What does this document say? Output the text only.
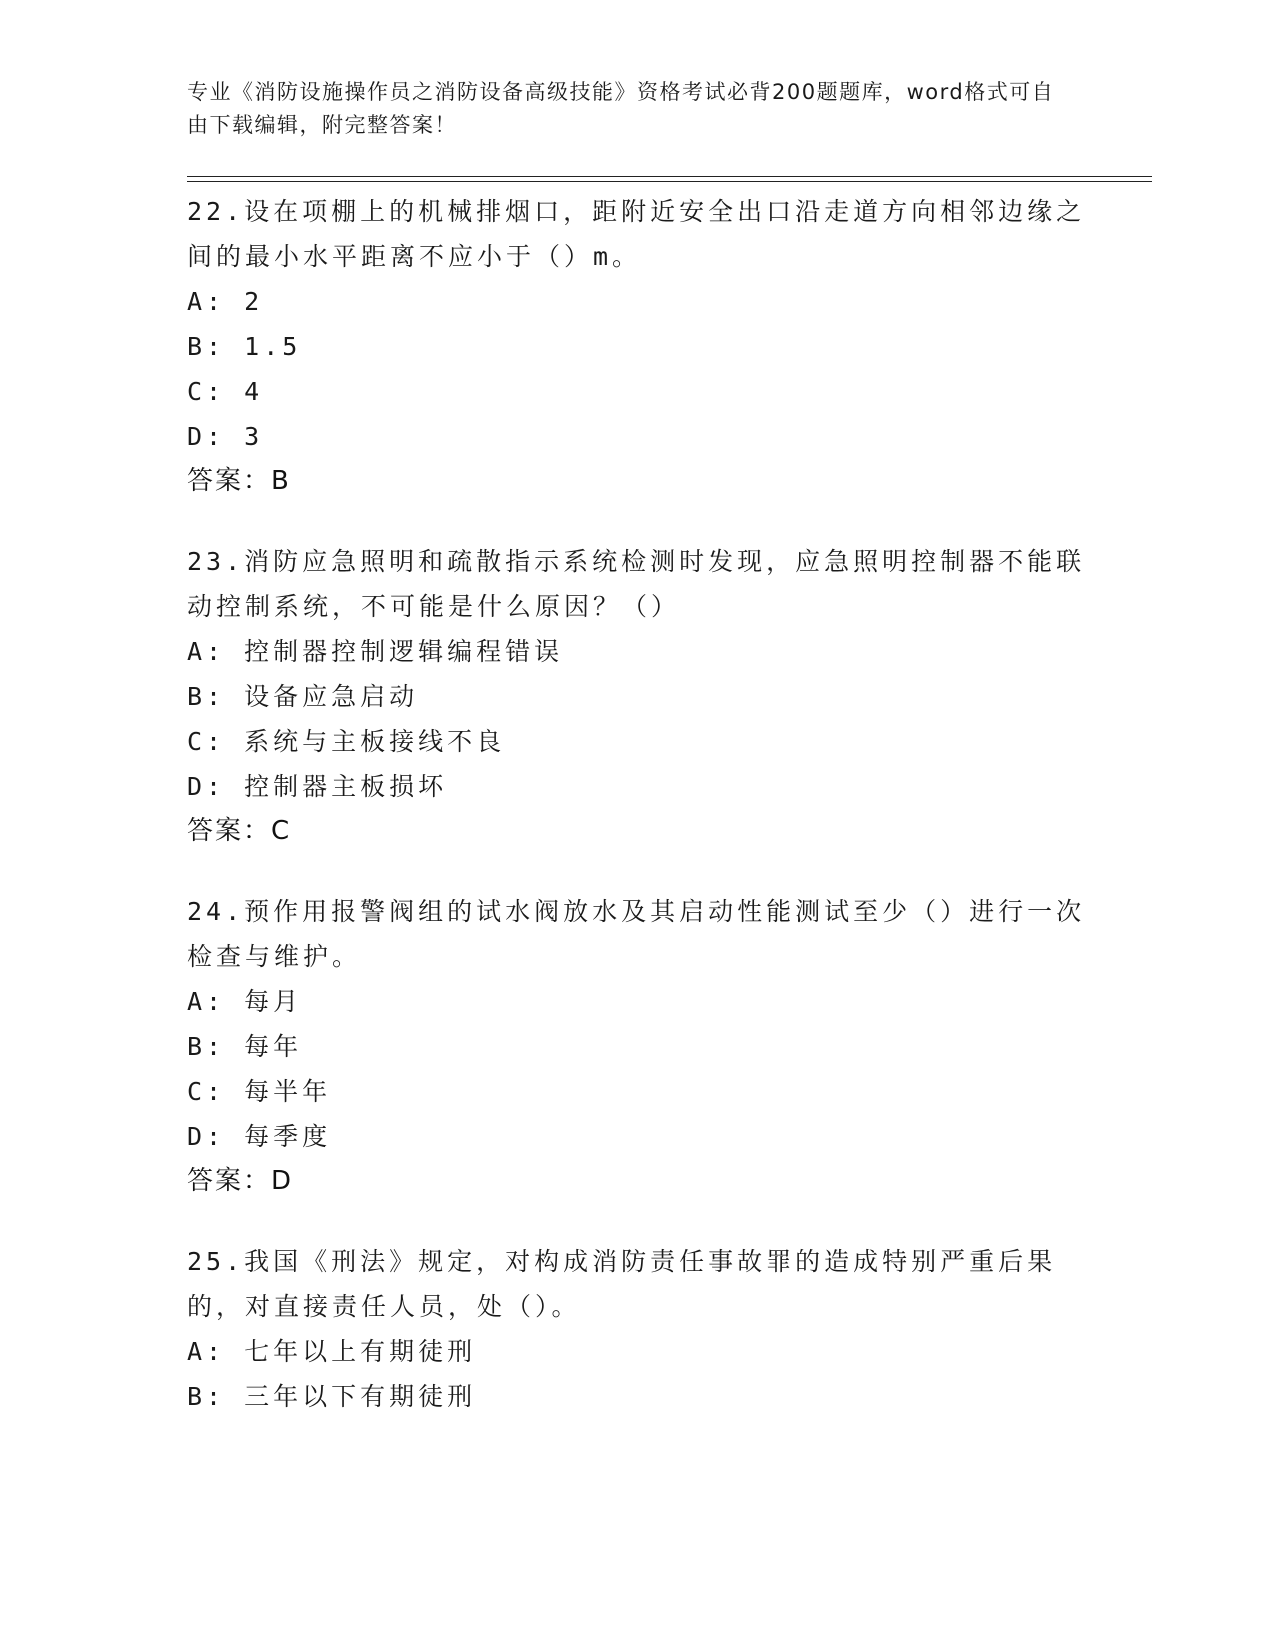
专业《消防设施操作员之消防设备高级技能》资格考试必背200题题库，word格式可自由下载编辑，附完整答案！
22.设在项棚上的机械排烟口，距附近安全出口沿走道方向相邻边缘之间的最小水平距离不应小于（）m。
A: 2
B: 1.5
C: 4
D: 3
答案：B
23.消防应急照明和疏散指示系统检测时发现，应急照明控制器不能联动控制系统，不可能是什么原因？（）
A: 控制器控制逻辑编程错误
B: 设备应急启动
C: 系统与主板接线不良
D: 控制器主板损坏
答案：C
24.预作用报警阀组的试水阀放水及其启动性能测试至少（）进行一次检查与维护。
A: 每月
B: 每年
C: 每半年
D: 每季度
答案：D
25.我国《刑法》规定，对构成消防责任事故罪的造成特别严重后果的，对直接责任人员，处（）。
A: 七年以上有期徒刑
B: 三年以下有期徒刑
